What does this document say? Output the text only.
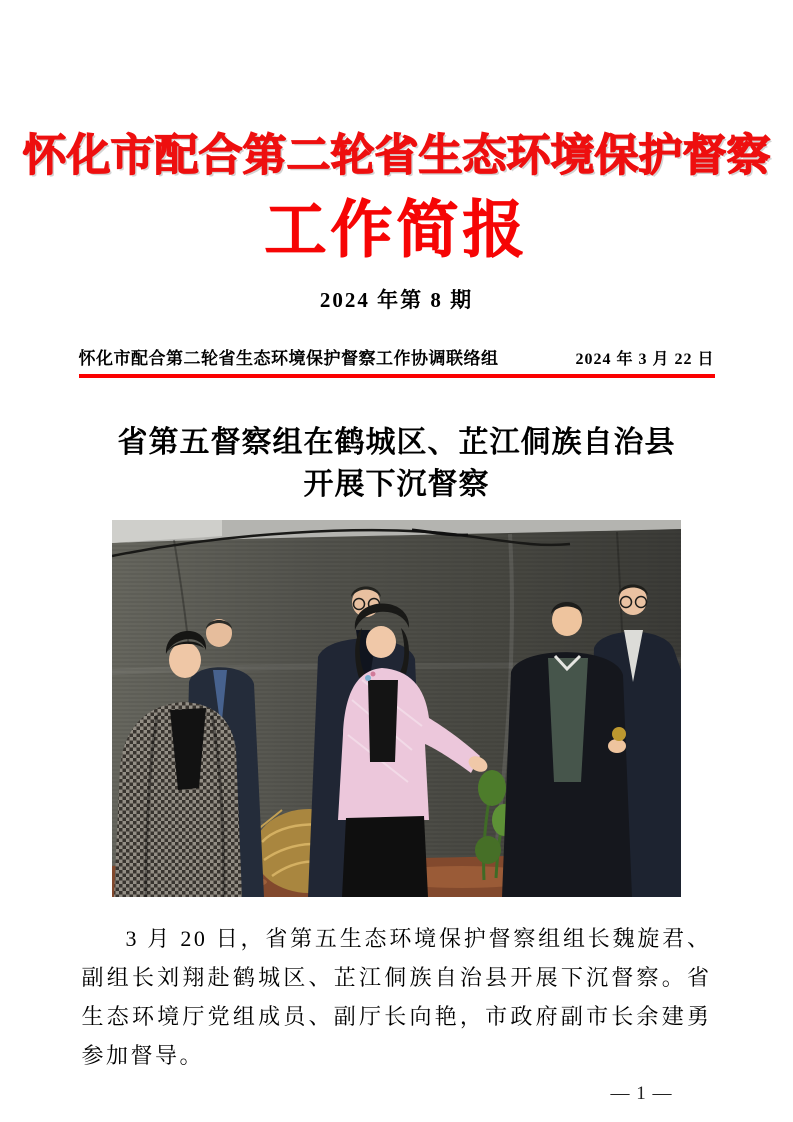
怀化市配合第二轮省生态环境保护督察
工作简报
2024 年第 8 期
怀化市配合第二轮省生态环境保护督察工作协调联络组	2024 年 3 月 22 日
省第五督察组在鹤城区、芷江侗族自治县
开展下沉督察

3 月 20 日，省第五生态环境保护督察组组长魏旋君、副组长刘翔赴鹤城区、芷江侗族自治县开展下沉督察。省生态环境厅党组成员、副厅长向艳，市政府副市长余建勇参加督导。

— 1 —
